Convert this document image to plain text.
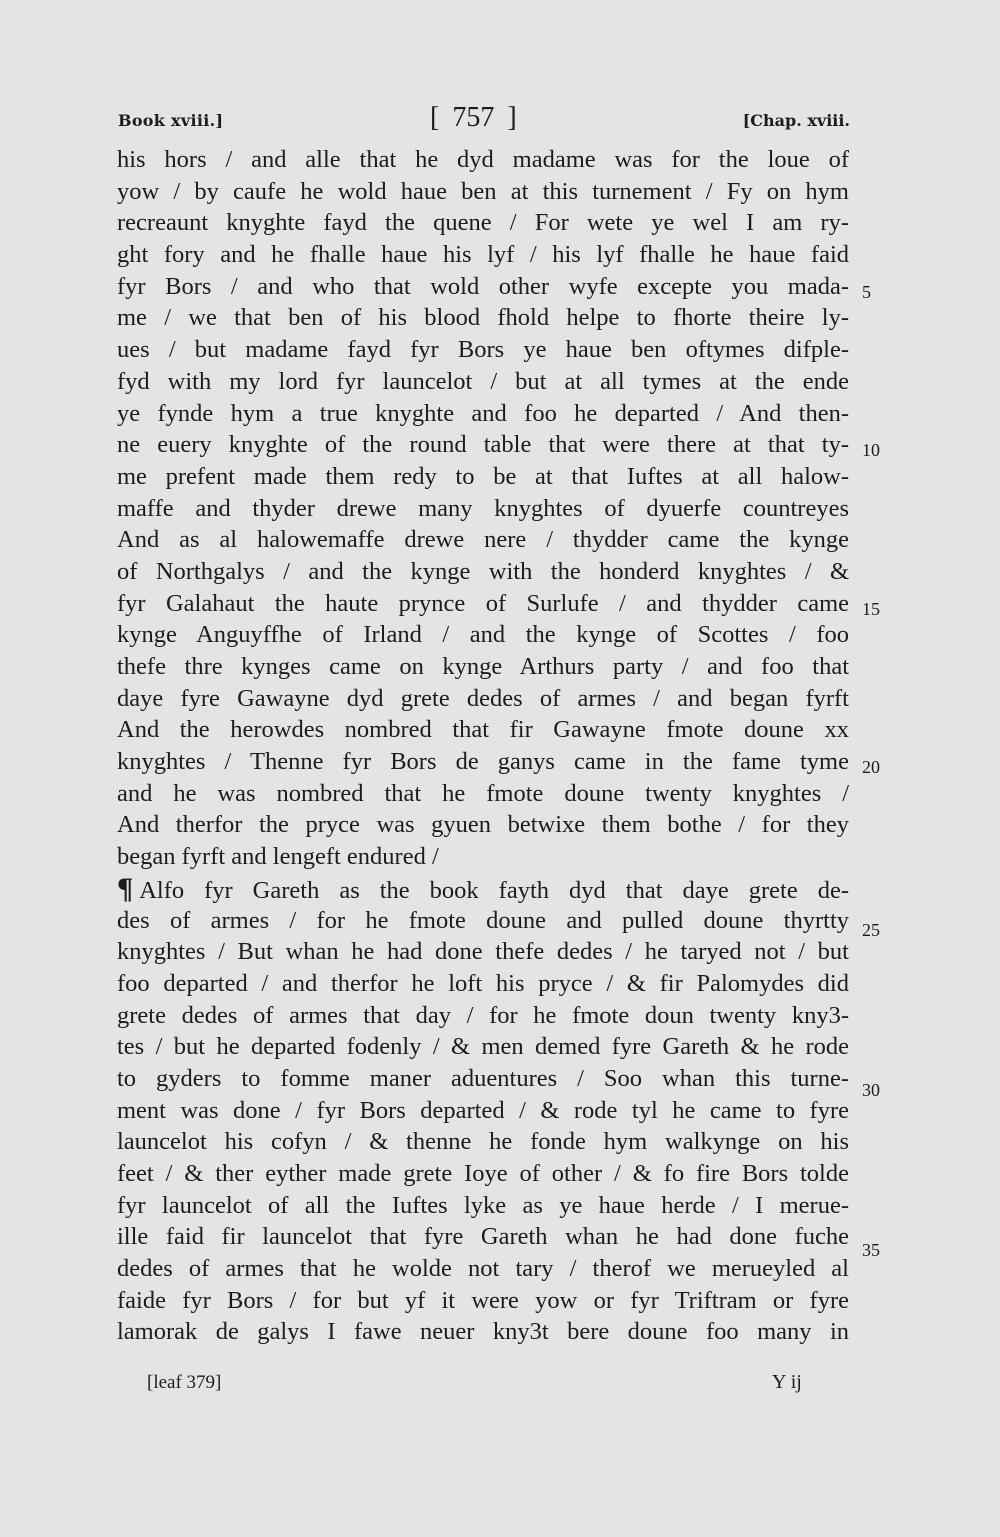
Book xviii.]	[ 757 ]	[Chap. xviii.
his hors / and alle that he dyd madame was for the loue of
yow / by caufe he wold haue ben at this turnement / Fy on hym
recreaunt knyghte fayd the quene / For wete ye wel I am ry-
ght fory and he fhalle haue his lyf / his lyf fhalle he haue faid
fyr Bors / and who that wold other wyfe excepte you mada-
me / we that ben of his blood fhold helpe to fhorte theire ly-
ues / but madame fayd fyr Bors ye haue ben oftymes difple-
fyd with my lord fyr launcelot / but at all tymes at the ende
ye fynde hym a true knyghte and foo he departed / And then-
ne euery knyghte of the round table that were there at that ty-
me prefent made them redy to be at that Iuftes at all halow-
maffe and thyder drewe many knyghtes of dyuerfe countreyes
And as al halowemaffe drewe nere / thydder came the kynge
of Northgalys / and the kynge with the honderd knyghtes / &
fyr Galahaut the haute prynce of Surlufe / and thydder came
kynge Anguyffhe of Irland / and the kynge of Scottes / foo
thefe thre kynges came on kynge Arthurs party / and foo that
daye fyre Gawayne dyd grete dedes of armes / and began fyrft
And the herowdes nombred that fir Gawayne fmote doune xx
knyghtes / Thenne fyr Bors de ganys came in the fame tyme
and he was nombred that he fmote doune twenty knyghtes /
And therfor the pryce was gyuen betwixe them bothe / for they
began fyrft and lengeft endured /
¶ Alfo fyr Gareth as the book fayth dyd that daye grete de-
des of armes / for he fmote doune and pulled doune thyrtty
knyghtes / But whan he had done thefe dedes / he taryed not / but
foo departed / and therfor he loft his pryce / & fir Palomydes did
grete dedes of armes that day / for he fmote doun twenty kny3-
tes / but he departed fodenly / & men demed fyre Gareth & he rode
to gyders to fomme maner aduentures / Soo whan this turne-
ment was done / fyr Bors departed / & rode tyl he came to fyre
launcelot his cofyn / & thenne he fonde hym walkynge on his
feet / & ther eyther made grete Ioye of other / & fo fire Bors tolde
fyr launcelot of all the Iuftes lyke as ye haue herde / I merue-
ille faid fir launcelot that fyre Gareth whan he had done fuche
dedes of armes that he wolde not tary / therof we merueyled al
faide fyr Bors / for but yf it were yow or fyr Triftram or fyre
lamorak de galys I fawe neuer kny3t bere doune foo many in
5
10
15
20
25
30
35
[leaf 379]	Y ij
